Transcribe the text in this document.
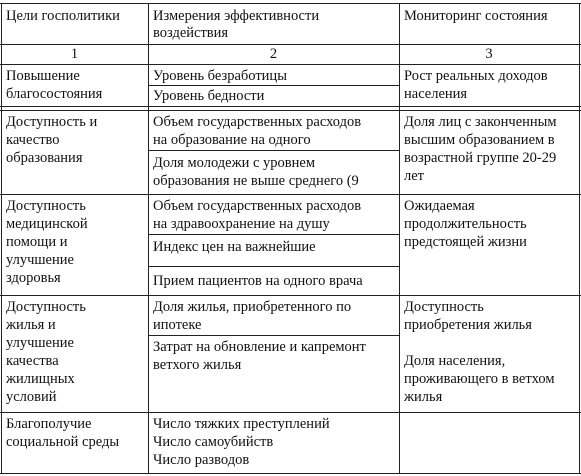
Цели госполитики Измерения эффективности
воздействия
Мониторинг состояния
1	2	3
Повышение
благосостояния
Уровень безработицы
Уровень бедности
Рост реальных доходов
населения
Доступность и
качество
образования
Объем государственных расходов
на образование на одного
Доля молодежи с уровнем
образования не выше среднего (9
Доля лиц с законченным
высшим образованием в
возрастной группе 20-29
лет
Доступность
медицинской
помощи и
улучшение
здоровья
Объем государственных расходов
на здравоохранение на душу
Индекс цен на важнейшие
Прием пациентов на одного врача
Ожидаемая
продолжительность
предстоящей жизни
Доступность
жилья и
улучшение
качества
жилищных
условий
Доля жилья, приобретенного по
ипотеке
Затрат на обновление и капремонт
ветхого жилья
Доступность
приобретения жилья
Доля населения,
проживающего в ветхом
жилья
Благополучие
социальной среды
Число тяжких преступлений
Число самоубийств
Число разводов
